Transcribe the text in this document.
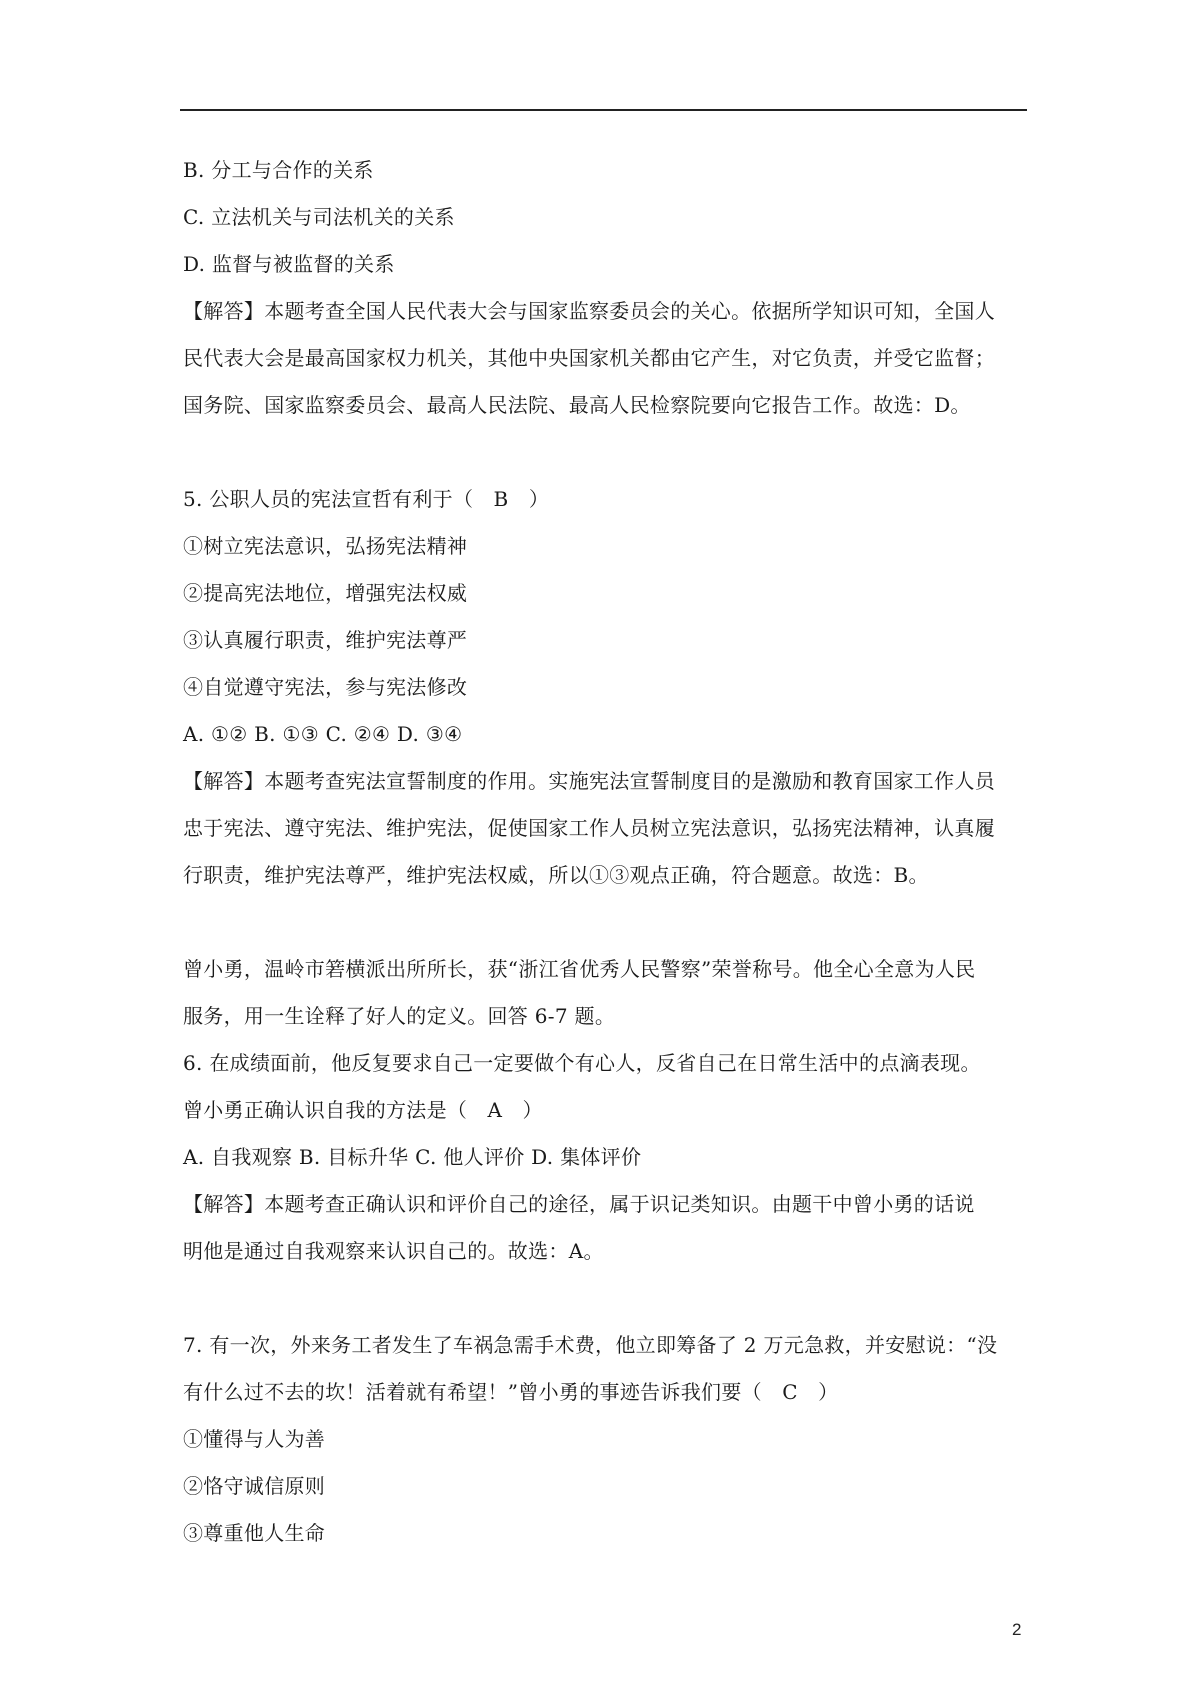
B. 分工与合作的关系
C. 立法机关与司法机关的关系
D. 监督与被监督的关系
【解答】本题考查全国人民代表大会与国家监察委员会的关心。依据所学知识可知，全国人
民代表大会是最高国家权力机关，其他中央国家机关都由它产生，对它负责，并受它监督；
国务院、国家监察委员会、最高人民法院、最高人民检察院要向它报告工作。故选：D。
5. 公职人员的宪法宣哲有利于（　B　）
①树立宪法意识，弘扬宪法精神
②提高宪法地位，增强宪法权威
③认真履行职责，维护宪法尊严
④自觉遵守宪法，参与宪法修改
A. ①② B. ①③ C. ②④ D. ③④
【解答】本题考查宪法宣誓制度的作用。实施宪法宣誓制度目的是激励和教育国家工作人员
忠于宪法、遵守宪法、维护宪法，促使国家工作人员树立宪法意识，弘扬宪法精神，认真履
行职责，维护宪法尊严，维护宪法权威，所以①③观点正确，符合题意。故选：B。
曾小勇，温岭市箬横派出所所长，获“浙江省优秀人民警察”荣誉称号。他全心全意为人民
服务，用一生诠释了好人的定义。回答 6-7 题。
6. 在成绩面前，他反复要求自己一定要做个有心人，反省自己在日常生活中的点滴表现。
曾小勇正确认识自我的方法是（　A　）
A. 自我观察 B. 目标升华 C. 他人评价 D. 集体评价
【解答】本题考查正确认识和评价自己的途径，属于识记类知识。由题干中曾小勇的话说
明他是通过自我观察来认识自己的。故选：A。
7. 有一次，外来务工者发生了车祸急需手术费，他立即筹备了 2 万元急救，并安慰说：“没
有什么过不去的坎！活着就有希望！”曾小勇的事迹告诉我们要（　C　）
①懂得与人为善
②恪守诚信原则
③尊重他人生命
2
